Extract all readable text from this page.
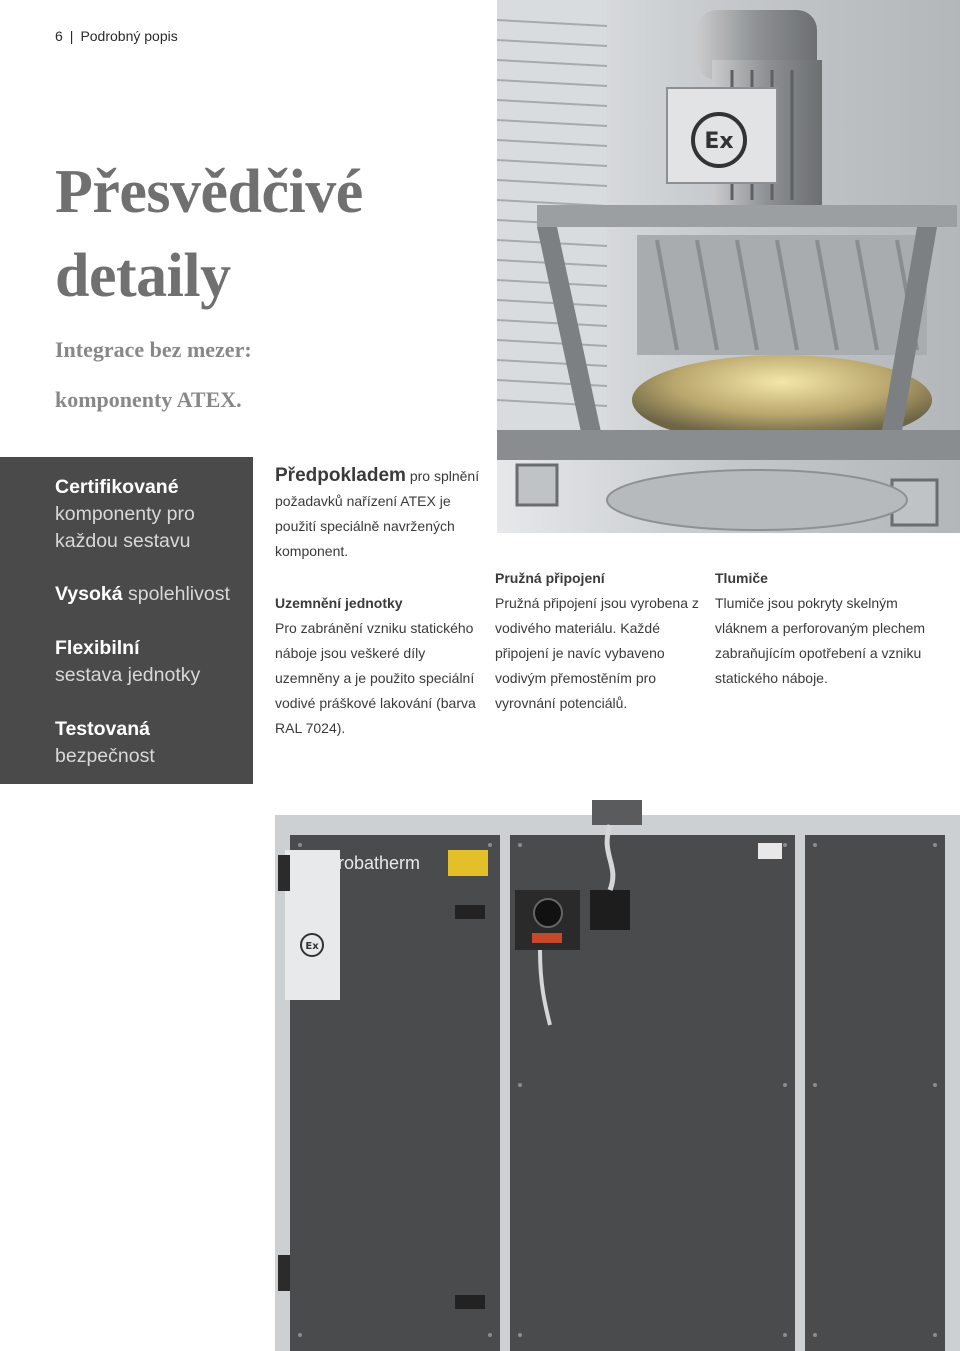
6 | Podrobný popis
Přesvědčivé
detaily
Integrace bez mezer:
komponenty ATEX.
Certifikované
komponenty pro
každou sestavu
Vysoká spolehlivost
Flexibilní
sestava jednotky
Testovaná
bezpečnost
Předpokladem pro splnění požadavků nařízení ATEX je použití speciálně navržených komponent.
Uzemnění jednotky
Pro zabránění vzniku statického náboje jsou veškeré díly uzemněny a je použito speciální vodivé práškové lakování (barva RAL 7024).
Pružná připojení
Pružná připojení jsou vyrobena z vodivého materiálu. Každé připojení je navíc vybaveno vodivým přemostěním pro vyrovnání potenciálů.
Tlumiče
Tlumiče jsou pokryty skelným vláknem a perforovaným plechem zabraňujícím opotřebení a vzniku statického náboje.
Ex
Ex
robatherm
